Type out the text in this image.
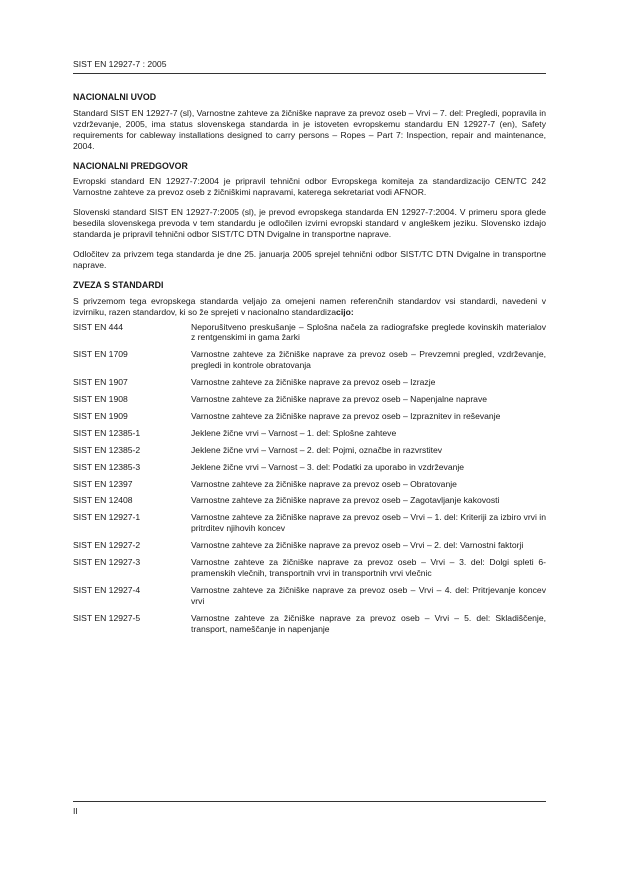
SIST EN 12927-7 : 2005
NACIONALNI UVOD

Standard SIST EN 12927-7 (sl), Varnostne zahteve za žičniške naprave za prevoz oseb – Vrvi – 7. del: Pregledi, popravila in vzdrževanje, 2005, ima status slovenskega standarda in je istoveten evropskemu standardu EN 12927-7 (en), Safety requirements for cableway installations designed to carry persons – Ropes – Part 7: Inspection, repair and maintenance, 2004.

NACIONALNI PREDGOVOR

Evropski standard EN 12927-7:2004 je pripravil tehnični odbor Evropskega komiteja za standardizacijo CEN/TC 242 Varnostne zahteve za prevoz oseb z žičniškimi napravami, katerega sekretariat vodi AFNOR.

Slovenski standard SIST EN 12927-7:2005 (sl), je prevod evropskega standarda EN 12927-7:2004. V primeru spora glede besedila slovenskega prevoda v tem standardu je odločilen izvirni evropski standard v angleškem jeziku. Slovensko izdajo standarda je pripravil tehnični odbor SIST/TC DTN Dvigalne in transportne naprave.

Odločitev za privzem tega standarda je dne 25. januarja 2005 sprejel tehnični odbor SIST/TC DTN Dvigalne in transportne naprave.

ZVEZA S STANDARDI

S privzemom tega evropskega standarda veljajo za omejeni namen referenčnih standardov vsi standardi, navedeni v izvirniku, razen standardov, ki so že sprejeti v nacionalno standardizacijo:

SIST EN 444	Neporušitveno preskušanje – Splošna načela za radiografske preglede kovinskih materialov z rentgenskimi in gama žarki
SIST EN 1709	Varnostne zahteve za žičniške naprave za prevoz oseb – Prevzemni pregled, vzdrževanje, pregledi in kontrole obratovanja
SIST EN 1907	Varnostne zahteve za žičniške naprave za prevoz oseb – Izrazje
SIST EN 1908	Varnostne zahteve za žičniške naprave za prevoz oseb – Napenjalne naprave
SIST EN 1909	Varnostne zahteve za žičniške naprave za prevoz oseb – Izpraznitev in reševanje
SIST EN 12385-1	Jeklene žične vrvi – Varnost – 1. del: Splošne zahteve
SIST EN 12385-2	Jeklene žične vrvi – Varnost – 2. del: Pojmi, označbe in razvrstitev
SIST EN 12385-3	Jeklene žične vrvi – Varnost – 3. del: Podatki za uporabo in vzdrževanje
SIST EN 12397	Varnostne zahteve za žičniške naprave za prevoz oseb – Obratovanje
SIST EN 12408	Varnostne zahteve za žičniške naprave za prevoz oseb – Zagotavljanje kakovosti
SIST EN 12927-1	Varnostne zahteve za žičniške naprave za prevoz oseb – Vrvi – 1. del: Kriteriji za izbiro vrvi in pritrditev njihovih koncev
SIST EN 12927-2	Varnostne zahteve za žičniške naprave za prevoz oseb – Vrvi – 2. del: Varnostni faktorji
SIST EN 12927-3	Varnostne zahteve za žičniške naprave za prevoz oseb – Vrvi – 3. del: Dolgi spleti 6-pramenskih vlečnih, transportnih vrvi in transportnih vrvi vlečnic
SIST EN 12927-4	Varnostne zahteve za žičniške naprave za prevoz oseb – Vrvi – 4. del: Pritrjevanje koncev vrvi
SIST EN 12927-5	Varnostne zahteve za žičniške naprave za prevoz oseb – Vrvi – 5. del: Skladiščenje, transport, nameščanje in napenjanje
II
